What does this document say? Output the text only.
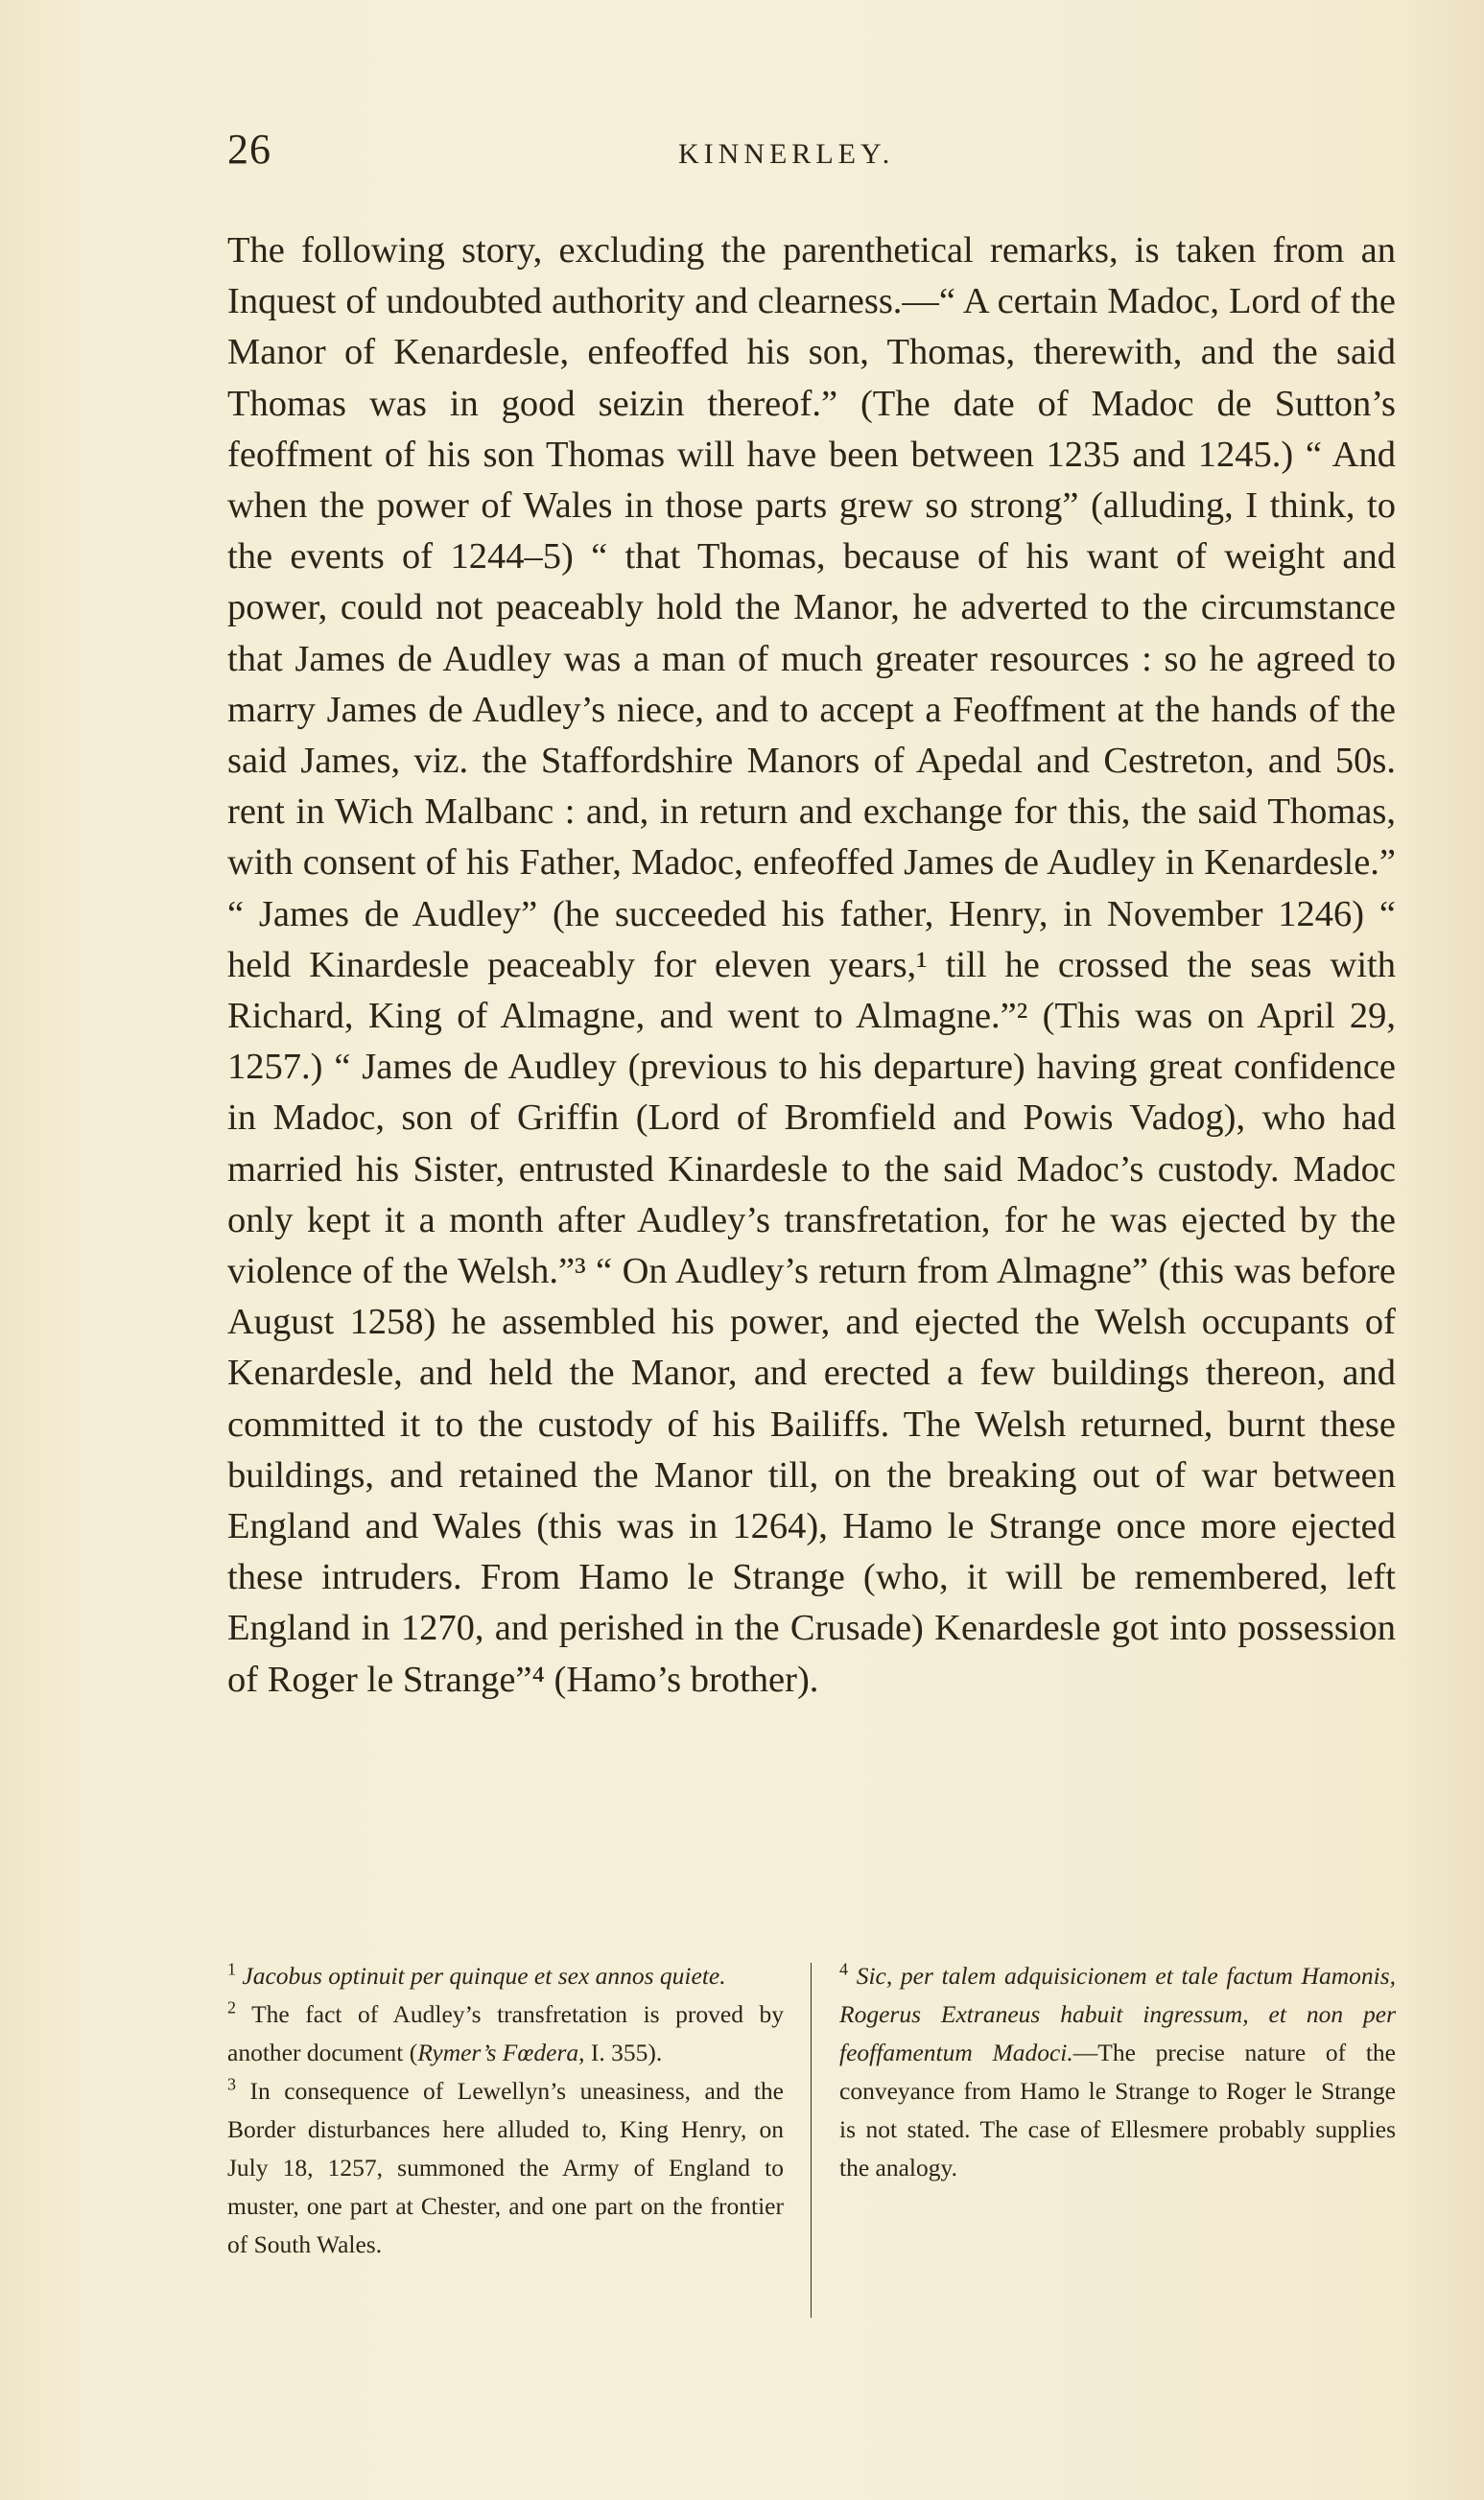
26	KINNERLEY.

The following story, excluding the parenthetical remarks, is taken from an Inquest of undoubted authority and clearness.—“ A certain Madoc, Lord of the Manor of Kenardesle, enfeoffed his son, Thomas, therewith, and the said Thomas was in good seizin thereof.” (The date of Madoc de Sutton’s feoffment of his son Thomas will have been between 1235 and 1245.) “ And when the power of Wales in those parts grew so strong” (alluding, I think, to the events of 1244–5) “ that Thomas, because of his want of weight and power, could not peaceably hold the Manor, he adverted to the circumstance that James de Audley was a man of much greater resources : so he agreed to marry James de Audley’s niece, and to accept a Feoffment at the hands of the said James, viz. the Staffordshire Manors of Apedal and Cestreton, and 50s. rent in Wich Malbanc : and, in return and exchange for this, the said Thomas, with consent of his Father, Madoc, enfeoffed James de Audley in Kenardesle.” “ James de Audley” (he succeeded his father, Henry, in November 1246) “ held Kinardesle peaceably for eleven years,¹ till he crossed the seas with Richard, King of Almagne, and went to Almagne.”² (This was on April 29, 1257.) “ James de Audley (previous to his departure) having great confidence in Madoc, son of Griffin (Lord of Bromfield and Powis Vadog), who had married his Sister, entrusted Kinardesle to the said Madoc’s custody. Madoc only kept it a month after Audley’s transfretation, for he was ejected by the violence of the Welsh.”³ “ On Audley’s return from Almagne” (this was before August 1258) he assembled his power, and ejected the Welsh occupants of Kenardesle, and held the Manor, and erected a few buildings thereon, and committed it to the custody of his Bailiffs. The Welsh returned, burnt these buildings, and retained the Manor till, on the breaking out of war between England and Wales (this was in 1264), Hamo le Strange once more ejected these intruders. From Hamo le Strange (who, it will be remembered, left England in 1270, and perished in the Crusade) Kenardesle got into possession of Roger le Strange”⁴ (Hamo’s brother).

$^1$ Jacobus optinuit per quinque et sex annos quiete.

$^2$ The fact of Audley’s transfretation is proved by another document (Rymer’s Fœdera, I. 355).

$^3$ In consequence of Lewellyn’s uneasiness, and the Border disturbances here alluded to, King Henry, on July 18, 1257, summoned the Army of England to muster, one part at Chester, and one part on the frontier of South Wales.

$^4$ Sic, per talem adquisicionem et tale factum Hamonis, Rogerus Extraneus habuit ingressum, et non per feoffamentum Madoci.—The precise nature of the conveyance from Hamo le Strange to Roger le Strange is not stated. The case of Ellesmere probably supplies the analogy.
